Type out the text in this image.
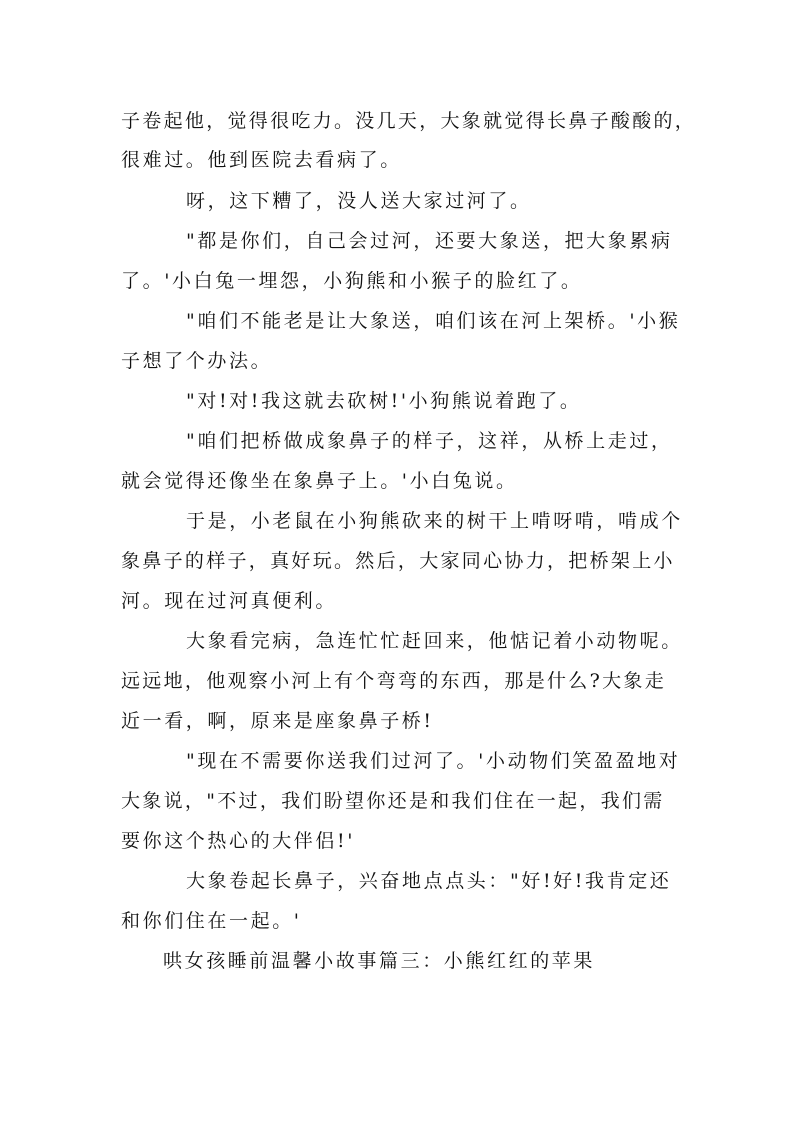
子卷起他，觉得很吃力。没几天，大象就觉得长鼻子酸酸的，

很难过。他到医院去看病了。

呀，这下糟了，没人送大家过河了。

"都是你们，自己会过河，还要大象送，把大象累病

了。'小白兔一埋怨，小狗熊和小猴子的脸红了。

"咱们不能老是让大象送，咱们该在河上架桥。'小猴

子想了个办法。

"对!对!我这就去砍树!'小狗熊说着跑了。

"咱们把桥做成象鼻子的样子，这祥，从桥上走过，

就会觉得还像坐在象鼻子上。'小白兔说。

于是，小老鼠在小狗熊砍来的树干上啃呀啃，啃成个

象鼻子的样子，真好玩。然后，大家同心协力，把桥架上小

河。现在过河真便利。

大象看完病，急连忙忙赶回来，他惦记着小动物呢。

远远地，他观察小河上有个弯弯的东西，那是什么?大象走

近一看，啊，原来是座象鼻子桥!

"现在不需要你送我们过河了。'小动物们笑盈盈地对

大象说，"不过，我们盼望你还是和我们住在一起，我们需

要你这个热心的大伴侣!'

大象卷起长鼻子，兴奋地点点头："好!好!我肯定还

和你们住在一起。'

哄女孩睡前温馨小故事篇三：小熊红红的苹果
